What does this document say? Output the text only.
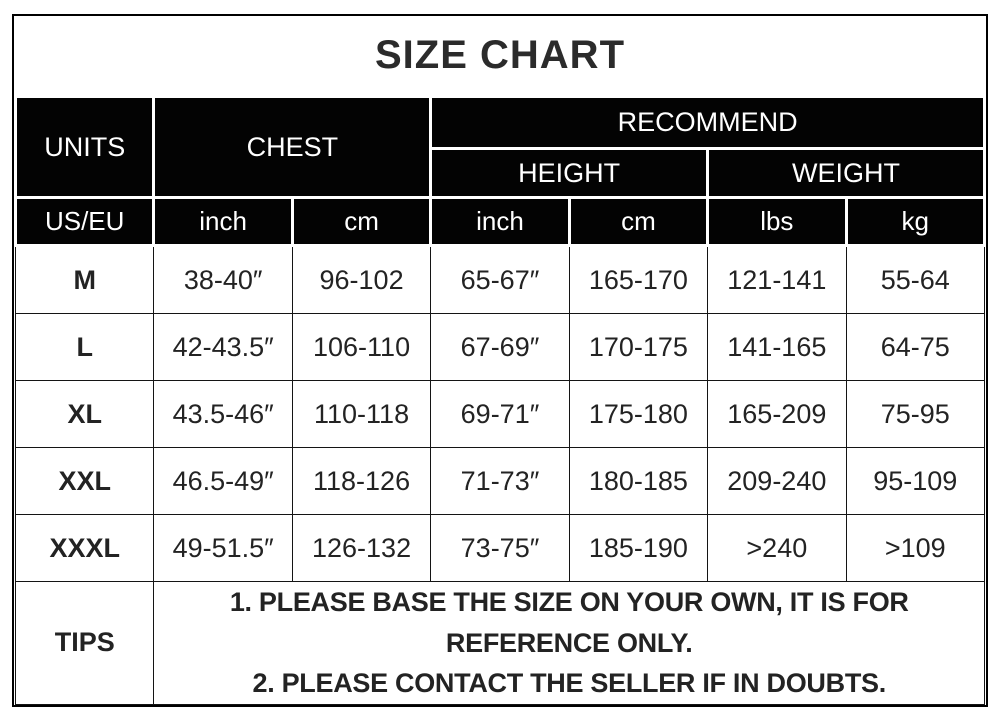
SIZE CHART
UNITS	CHEST		RECOMMEND			
			HEIGHT		WEIGHT	
US/EU	inch	cm	inch	cm	lbs	kg
M	38-40″	96-102	65-67″	165-170	121-141	55-64
L	42-43.5″	106-110	67-69″	170-175	141-165	64-75
XL	43.5-46″	110-118	69-71″	175-180	165-209	75-95
XXL	46.5-49″	118-126	71-73″	180-185	209-240	95-109
XXXL	49-51.5″	126-132	73-75″	185-190	>240	>109
TIPS	1. PLEASE BASE THE SIZE ON YOUR OWN, IT IS FOR REFERENCE ONLY.
2. PLEASE CONTACT THE SELLER IF IN DOUBTS.					
